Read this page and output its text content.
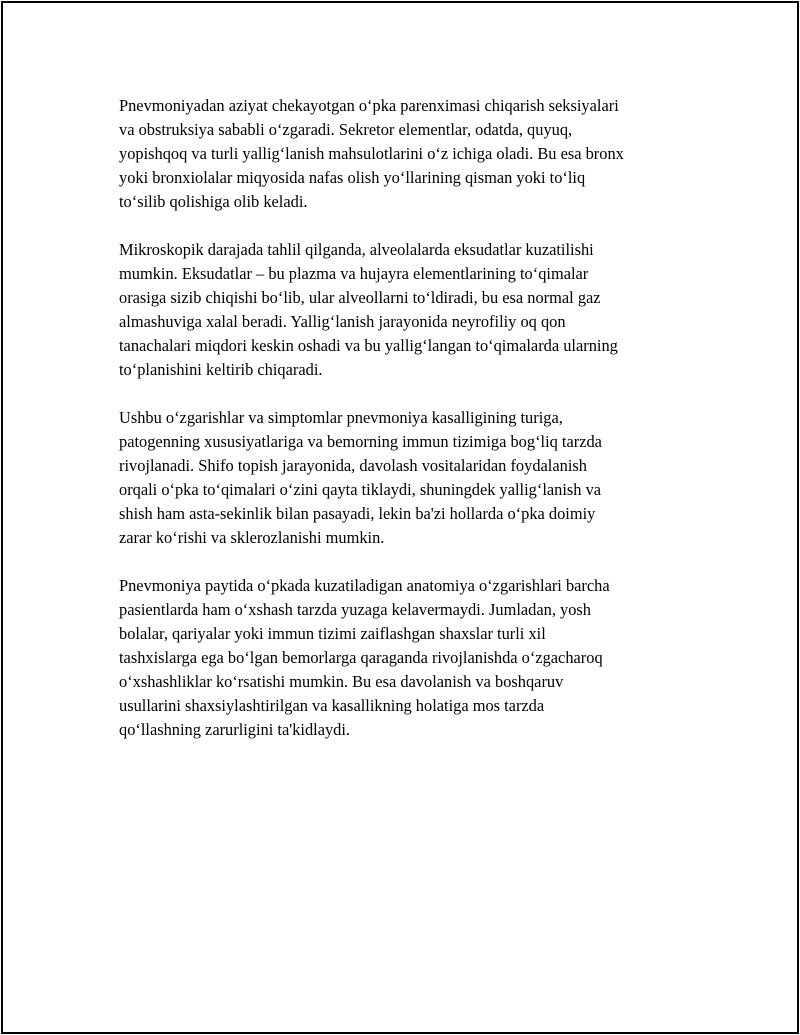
Pnevmoniyadan aziyat chekayotgan o‘pka parenximasi chiqarish seksiyalari
va obstruksiya sababli o‘zgaradi. Sekretor elementlar, odatda, quyuq,
yopishqoq va turli yallig‘lanish mahsulotlarini o‘z ichiga oladi. Bu esa bronx
yoki bronxiolalar miqyosida nafas olish yo‘llarining qisman yoki to‘liq
to‘silib qolishiga olib keladi.

Mikroskopik darajada tahlil qilganda, alveolalarda eksudatlar kuzatilishi
mumkin. Eksudatlar – bu plazma va hujayra elementlarining to‘qimalar
orasiga sizib chiqishi bo‘lib, ular alveollarni to‘ldiradi, bu esa normal gaz
almashuviga xalal beradi. Yallig‘lanish jarayonida neyrofiliy oq qon
tanachalari miqdori keskin oshadi va bu yallig‘langan to‘qimalarda ularning
to‘planishini keltirib chiqaradi.

Ushbu o‘zgarishlar va simptomlar pnevmoniya kasalligining turiga,
patogenning xususiyatlariga va bemorning immun tizimiga bog‘liq tarzda
rivojlanadi. Shifo topish jarayonida, davolash vositalaridan foydalanish
orqali o‘pka to‘qimalari o‘zini qayta tiklaydi, shuningdek yallig‘lanish va
shish ham asta-sekinlik bilan pasayadi, lekin ba'zi hollarda o‘pka doimiy
zarar ko‘rishi va sklerozlanishi mumkin.

Pnevmoniya paytida o‘pkada kuzatiladigan anatomiya o‘zgarishlari barcha
pasientlarda ham o‘xshash tarzda yuzaga kelavermaydi. Jumladan, yosh
bolalar, qariyalar yoki immun tizimi zaiflashgan shaxslar turli xil
tashxislarga ega bo‘lgan bemorlarga qaraganda rivojlanishda o‘zgacharoq
o‘xshashliklar ko‘rsatishi mumkin. Bu esa davolanish va boshqaruv
usullarini shaxsiylashtirilgan va kasallikning holatiga mos tarzda
qo‘llashning zarurligini ta'kidlaydi.
